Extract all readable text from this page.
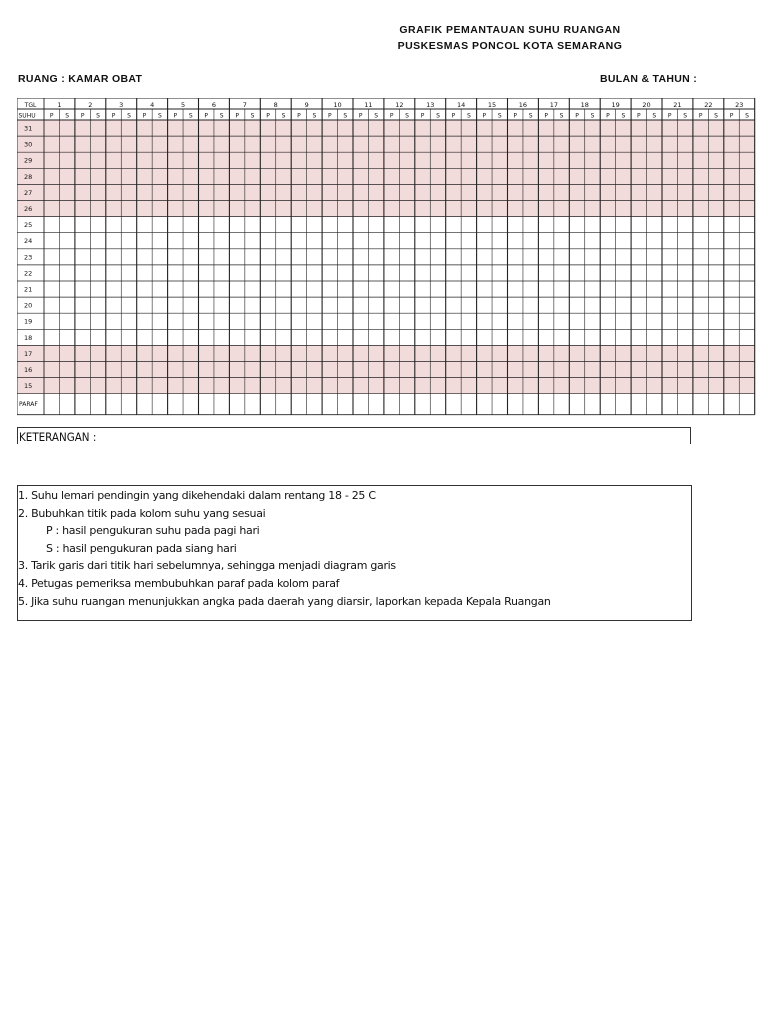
GRAFIK PEMANTAUAN SUHU RUANGAN
PUSKESMAS PONCOL KOTA SEMARANG
RUANG : KAMAR OBAT	BULAN & TAHUN :
TGL
SUHU
1
P S
2
P S
3
P S
4
P S
5
P S
6
P S
7
P S
8
P S
9
P S
10
P S
11
P S
12
P S
13
P S
14
P S
15
P S
16
P S
17
P S
18
P S
19
P S
20
P S
21
P S
22
P S
23
P S
31
30
29
28
27
26
25
24
23
22
21
20
19
18
17
16
15
PARAF
KETERANGAN :
1. Suhu lemari pendingin yang dikehendaki dalam rentang 18 - 25 C
2. Bubuhkan titik pada kolom suhu yang sesuai
P : hasil pengukuran suhu pada pagi hari
S : hasil pengukuran pada siang hari
3. Tarik garis dari titik hari sebelumnya, sehingga menjadi diagram garis
4. Petugas pemeriksa membubuhkan paraf pada kolom paraf
5. Jika suhu ruangan menunjukkan angka pada daerah yang diarsir, laporkan kepada Kepala Ruangan
